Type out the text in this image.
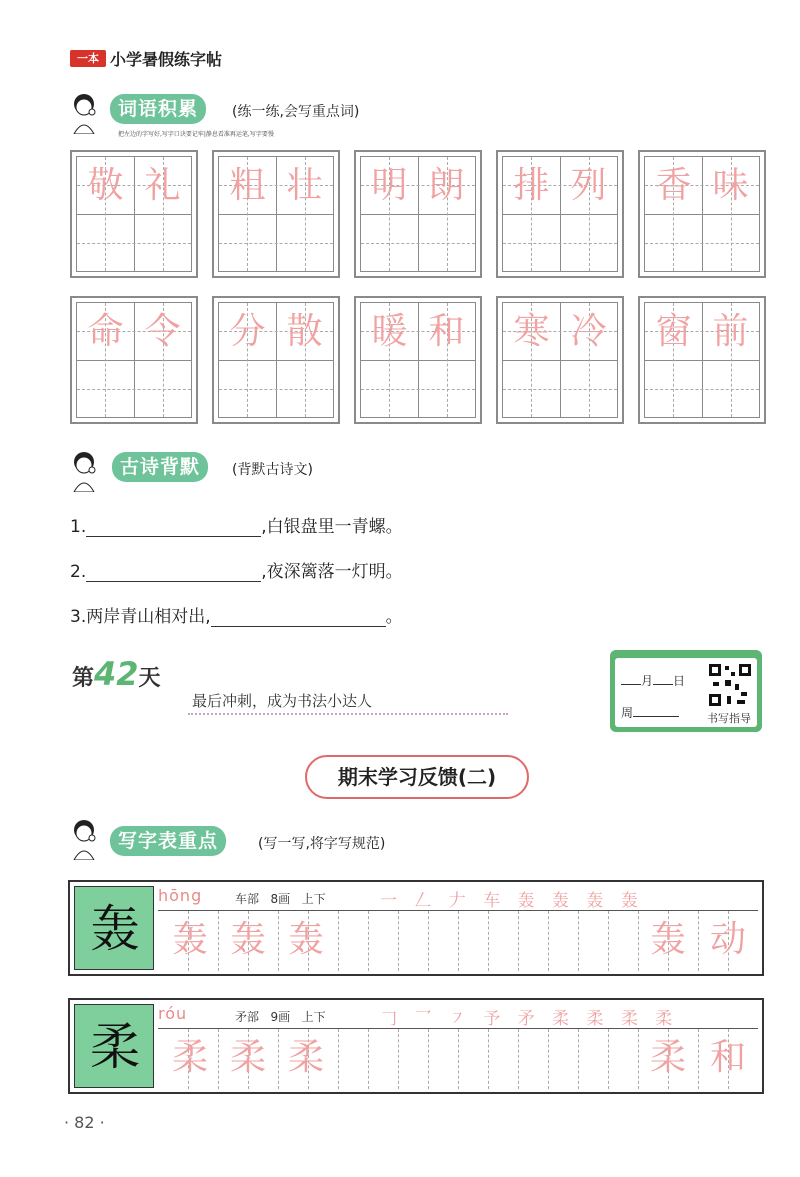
一本 小学暑假练字帖
词语积累	(练一练,会写重点词)
把左边的字写好,写字口诀要记牢|静息看准再运笔,写字要慢
敬 礼 粗 壮 明 朗 排 列 香 味
命 令 分 散 暖 和 寒 冷 窗 前
古诗背默	(背默古诗文)
1.	,白银盘里一青螺。
2.	,夜深篱落一灯明。
3.两岸青山相对出,	。
第42天
最后冲刺，成为书法小达人
月 日
周	书写指导
期末学习反馈(二)
写字表重点	(写一写,将字写规范)
轰
hōng	车部 8画 上下	一 𠃋 𠂇 车 轰 轰 轰 轰
轰 轰 轰	轰 动
柔
róu	矛部 9画 上下	𠃌 乛 ㇇ 予 矛 柔 柔 柔 柔
柔 柔 柔	柔 和
· 82 ·
